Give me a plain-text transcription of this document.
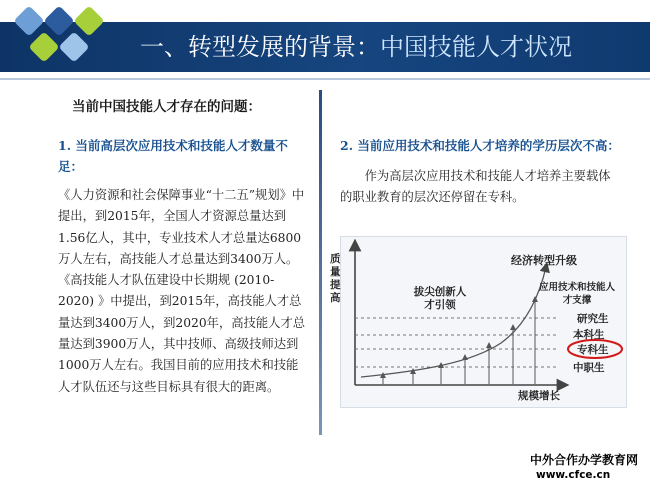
一、转型发展的背景：中国技能人才状况
当前中国技能人才存在的问题：
1. 当前高层次应用技术和技能人才数量不足：
《人力资源和社会保障事业“十二五”规划》中提出，到2015年，全国人才资源总量达到1.56亿人，其中，专业技术人才总量达6800万人左右，高技能人才总量达到3400万人。《高技能人才队伍建设中长期规 (2010-2020) 》中提出，到2015年，高技能人才总量达到3400万人，到2020年，高技能人才总量达到3900万人，其中技师、高级技师达到1000万人左右。我国目前的应用技术和技能人才队伍还与这些目标具有很大的距离。
2. 当前应用技术和技能人才培养的学历层次不高：
作为高层次应用技术和技能人才培养主要载体的职业教育的层次还停留在专科。
质量提高
规模增长
拔尖创新人才引领
经济转型升级
应用技术和技能人才支撑
研究生
本科生
专科生
中职生
中外合作办学教育网
www.cfce.cn
